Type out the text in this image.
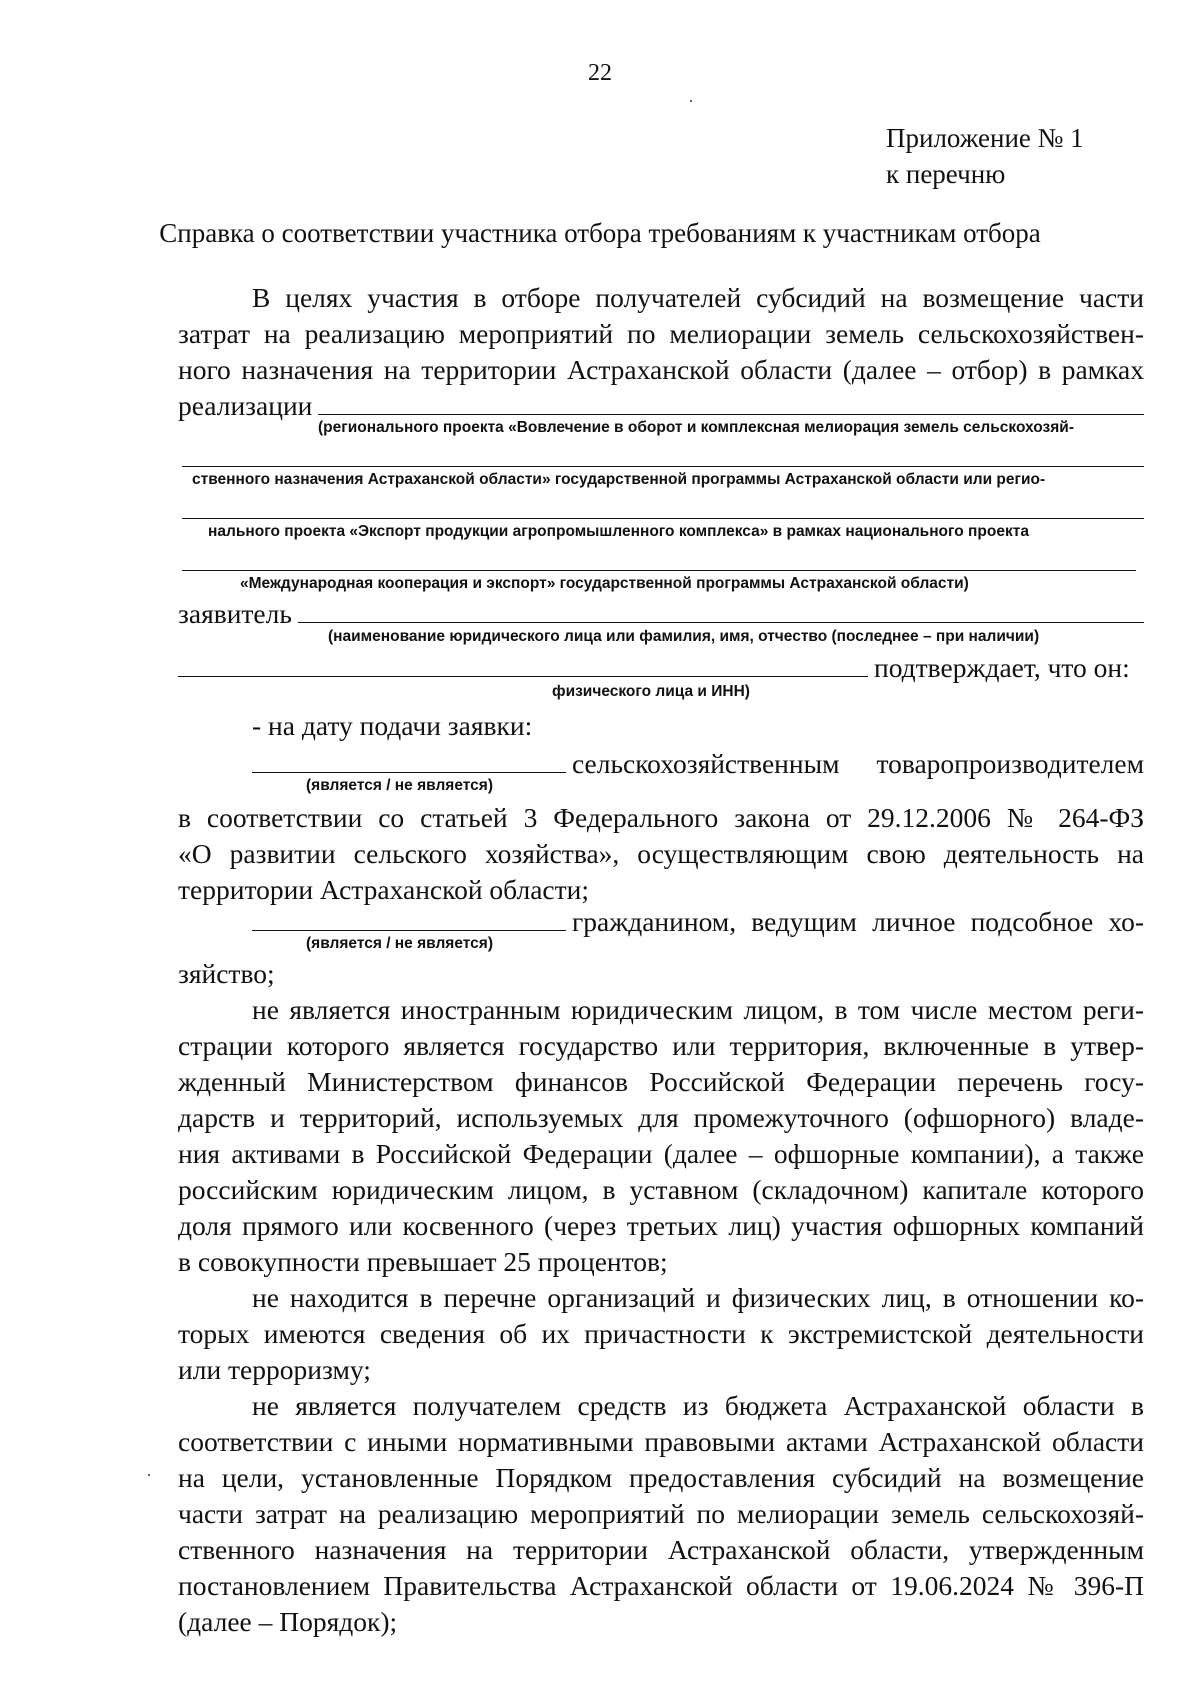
22
Приложение № 1
к перечню
Справка о соответствии участника отбора требованиям к участникам отбора
В целях участия в отборе получателей субсидий на возмещение части
затрат на реализацию мероприятий по мелиорации земель сельскохозяйствен-
ного назначения на территории Астраханской области (далее – отбор) в рамках
реализации
(регионального проекта «Вовлечение в оборот и комплексная мелиорация земель сельскохозяй-
ственного назначения Астраханской области» государственной программы Астраханской области или регио-
нального проекта «Экспорт продукции агропромышленного комплекса» в рамках национального проекта
«Международная кооперация и экспорт» государственной программы Астраханской области)
заявитель
(наименование юридического лица или фамилия, имя, отчество (последнее – при наличии)
подтверждает, что он:
физического лица и ИНН)
- на дату подачи заявки:
сельскохозяйственным товаропроизводителем
(является / не является)
в соответствии со статьей 3 Федерального закона от 29.12.2006 № 264-ФЗ
«О развитии сельского хозяйства», осуществляющим свою деятельность на
территории Астраханской области;
гражданином, ведущим личное подсобное хо-
(является / не является)
зяйство;
не является иностранным юридическим лицом, в том числе местом реги-
страции которого является государство или территория, включенные в утвер-
жденный Министерством финансов Российской Федерации перечень госу-
дарств и территорий, используемых для промежуточного (офшорного) владе-
ния активами в Российской Федерации (далее – офшорные компании), а также
российским юридическим лицом, в уставном (складочном) капитале которого
доля прямого или косвенного (через третьих лиц) участия офшорных компаний
в совокупности превышает 25 процентов;
не находится в перечне организаций и физических лиц, в отношении ко-
торых имеются сведения об их причастности к экстремистской деятельности
или терроризму;
не является получателем средств из бюджета Астраханской области в
соответствии с иными нормативными правовыми актами Астраханской области
на цели, установленные Порядком предоставления субсидий на возмещение
части затрат на реализацию мероприятий по мелиорации земель сельскохозяй-
ственного назначения на территории Астраханской области, утвержденным
постановлением Правительства Астраханской области от 19.06.2024 № 396-П
(далее – Порядок);
